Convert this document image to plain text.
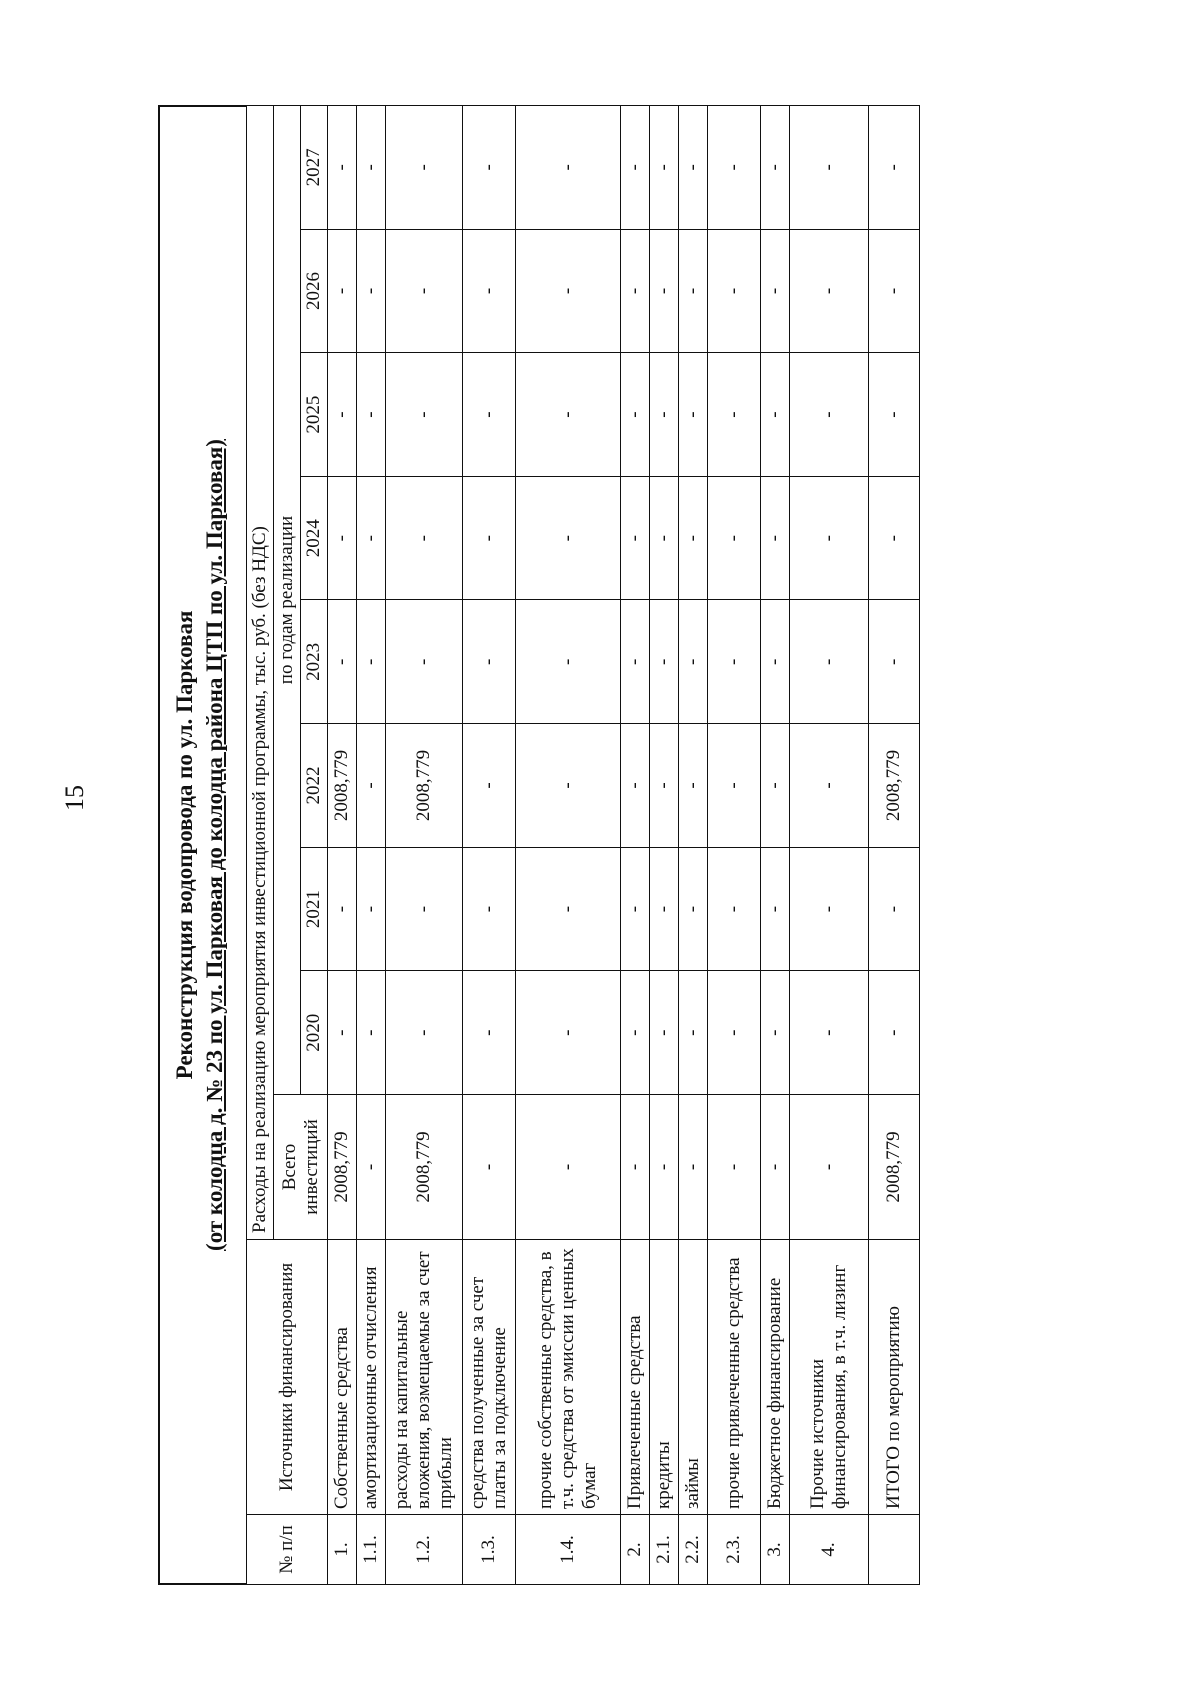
15	Реконструкция водопровода по ул. Парковая (от колодца д. № 23 по ул. Парковая до колодца района ЦТП по ул. Парковая)
№ п/п	Источники финансирования	Расходы на реализацию мероприятия инвестиционной программы, тыс. руб. (без НДС)								
		Всего инвестиций	по годам реализации							
			2020	2021	2022	2023	2024	2025	2026	2027
1.	Собственные средства	2008,779	-	-	2008,779	-	-	-	-	-
1.1.	амортизационные отчисления	-	-	-	-	-	-	-	-	-
1.2.	расходы на капитальные вложения, возмещаемые за счет прибыли	2008,779	-	-	2008,779	-	-	-	-	-
1.3.	средства полученные за счет платы за подключение	-	-	-	-	-	-	-	-	-
1.4.	прочие собственные средства, в т.ч. средства от эмиссии ценных бумаг	-	-	-	-	-	-	-	-	-
2.	Привлеченные средства	-	-	-	-	-	-	-	-	-
2.1.	кредиты	-	-	-	-	-	-	-	-	-
2.2.	займы	-	-	-	-	-	-	-	-	-
2.3.	прочие привлеченные средства	-	-	-	-	-	-	-	-	-
3.	Бюджетное финансирование	-	-	-	-	-	-	-	-	-
4.	Прочие источники финансирования, в т.ч. лизинг	-	-	-	-	-	-	-	-	-
	ИТОГО по мероприятию	2008,779	-	-	2008,779	-	-	-	-	-
